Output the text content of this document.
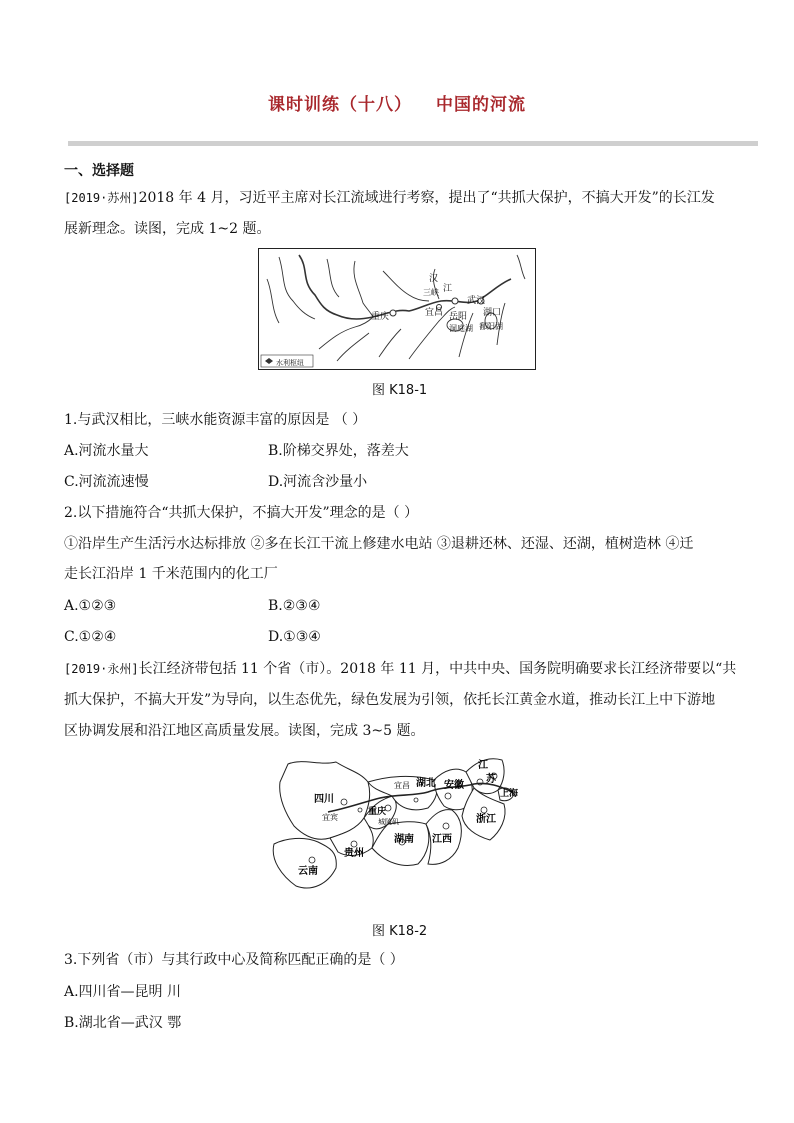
课时训练（十八） 中国的河流
一、选择题
[2019·苏州]2018 年 4 月，习近平主席对长江流域进行考察，提出了“共抓大保护，不搞大开发”的长江发
展新理念。读图，完成 1~2 题。
重庆	宜昌
三峡
汉
江
武汉
湖口
岳阳
洞庭湖 鄱阳湖
水利枢纽
图 K18-1
1.与武汉相比，三峡水能资源丰富的原因是 （ ）
A.河流水量大	B.阶梯交界处，落差大
C.河流流速慢	D.河流含沙量小
2.以下措施符合“共抓大保护，不搞大开发”理念的是（ ）
①沿岸生产生活污水达标排放 ②多在长江干流上修建水电站 ③退耕还林、还湿、还湖，植树造林 ④迁
走长江沿岸 1 千米范围内的化工厂
A.①②③	B.②③④
C.①②④	D.①③④
[2019·永州]长江经济带包括 11 个省（市）。2018 年 11 月，中共中央、国务院明确要求长江经济带要以“共
抓大保护，不搞大开发”为导向，以生态优先，绿色发展为引领，依托长江黄金水道，推动长江上中下游地
区协调发展和沿江地区高质量发展。读图，完成 3~5 题。
四川
宜宾
重庆
宜昌 湖北 安徽
江
苏
上海
浙江
江西
湖南
贵州
云南
城陵矶
图 K18-2
3.下列省（市）与其行政中心及简称匹配正确的是（ ）
A.四川省—昆明 川
B.湖北省—武汉 鄂
